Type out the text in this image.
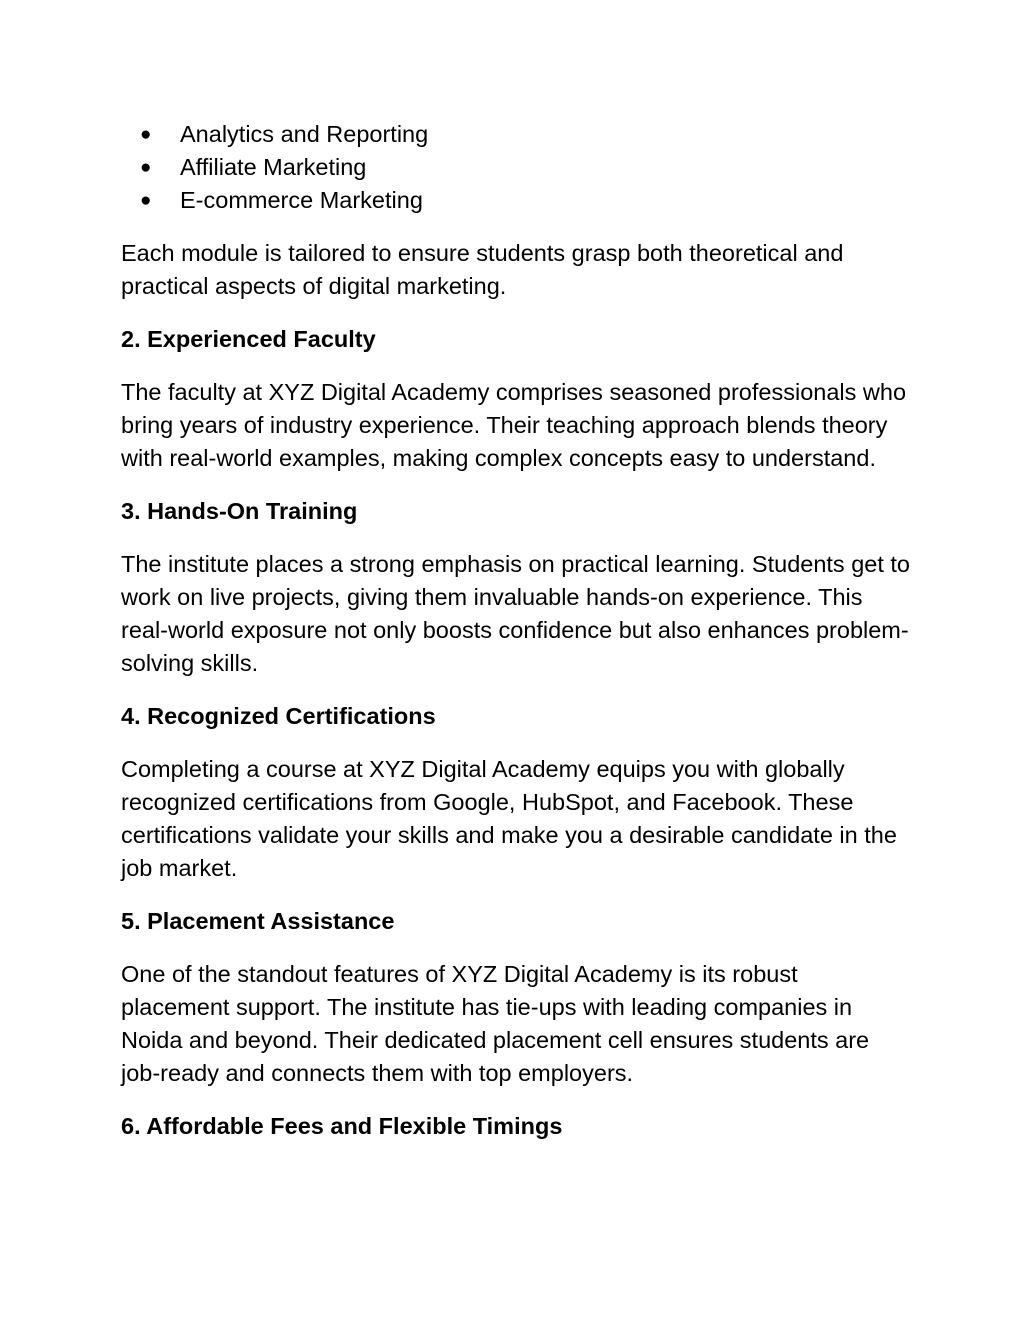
● Analytics and Reporting
● Affiliate Marketing
● E-commerce Marketing

Each module is tailored to ensure students grasp both theoretical and practical aspects of digital marketing.

2. Experienced Faculty

The faculty at XYZ Digital Academy comprises seasoned professionals who bring years of industry experience. Their teaching approach blends theory with real-world examples, making complex concepts easy to understand.

3. Hands-On Training

The institute places a strong emphasis on practical learning. Students get to work on live projects, giving them invaluable hands-on experience. This real-world exposure not only boosts confidence but also enhances problem-solving skills.

4. Recognized Certifications

Completing a course at XYZ Digital Academy equips you with globally recognized certifications from Google, HubSpot, and Facebook. These certifications validate your skills and make you a desirable candidate in the job market.

5. Placement Assistance

One of the standout features of XYZ Digital Academy is its robust placement support. The institute has tie-ups with leading companies in Noida and beyond. Their dedicated placement cell ensures students are job-ready and connects them with top employers.

6. Affordable Fees and Flexible Timings
